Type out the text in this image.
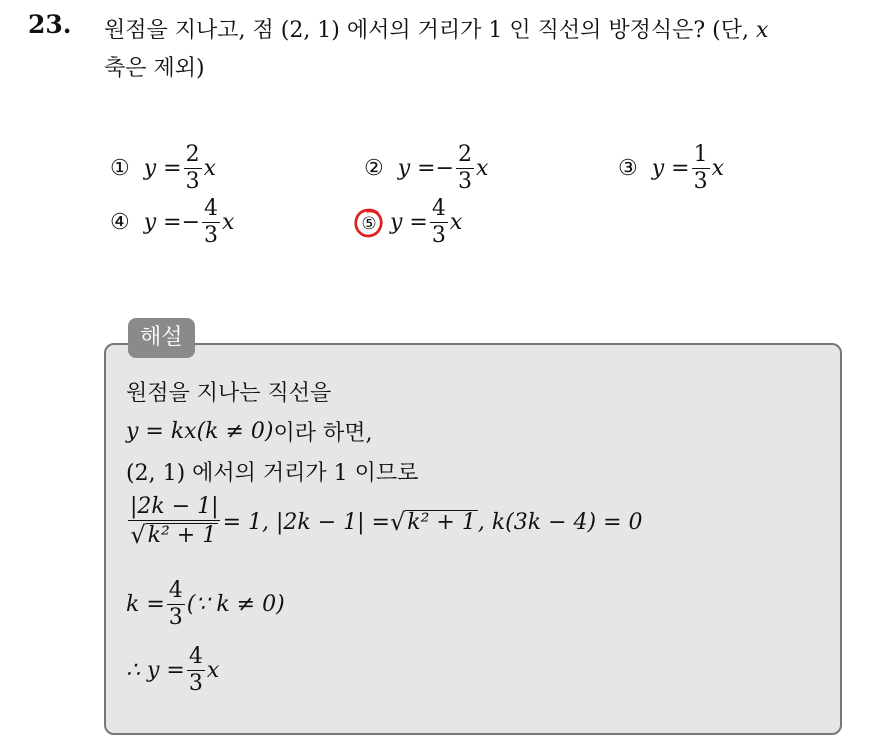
23. 원점을 지나고, 점 (2, 1) 에서의 거리가 1 인 직선의 방정식은? (단, x
축은 제외)
① $y = \frac{2}{3}$ x	② y = − $\frac{2}{3}$ x	③ $y = \frac{1}{3}$ x
④ y = − $\frac{4}{3}$ x	⑤ $y = \frac{4}{3}$ x
해설
원점을 지나는 직선을
y = kx(k ≠ 0) 이라 하면,
(2, 1) 에서의 거리가 1 이므로
$\frac{|2k - 1|}{\text{√ k² + 1}} = 1$, |2k − 1| = √ k² + 1 , k(3k − 4) = 0
$k = \frac{4}{3}$ (∵ k ≠ 0)
∴ $y = \frac{4}{3}$ x
